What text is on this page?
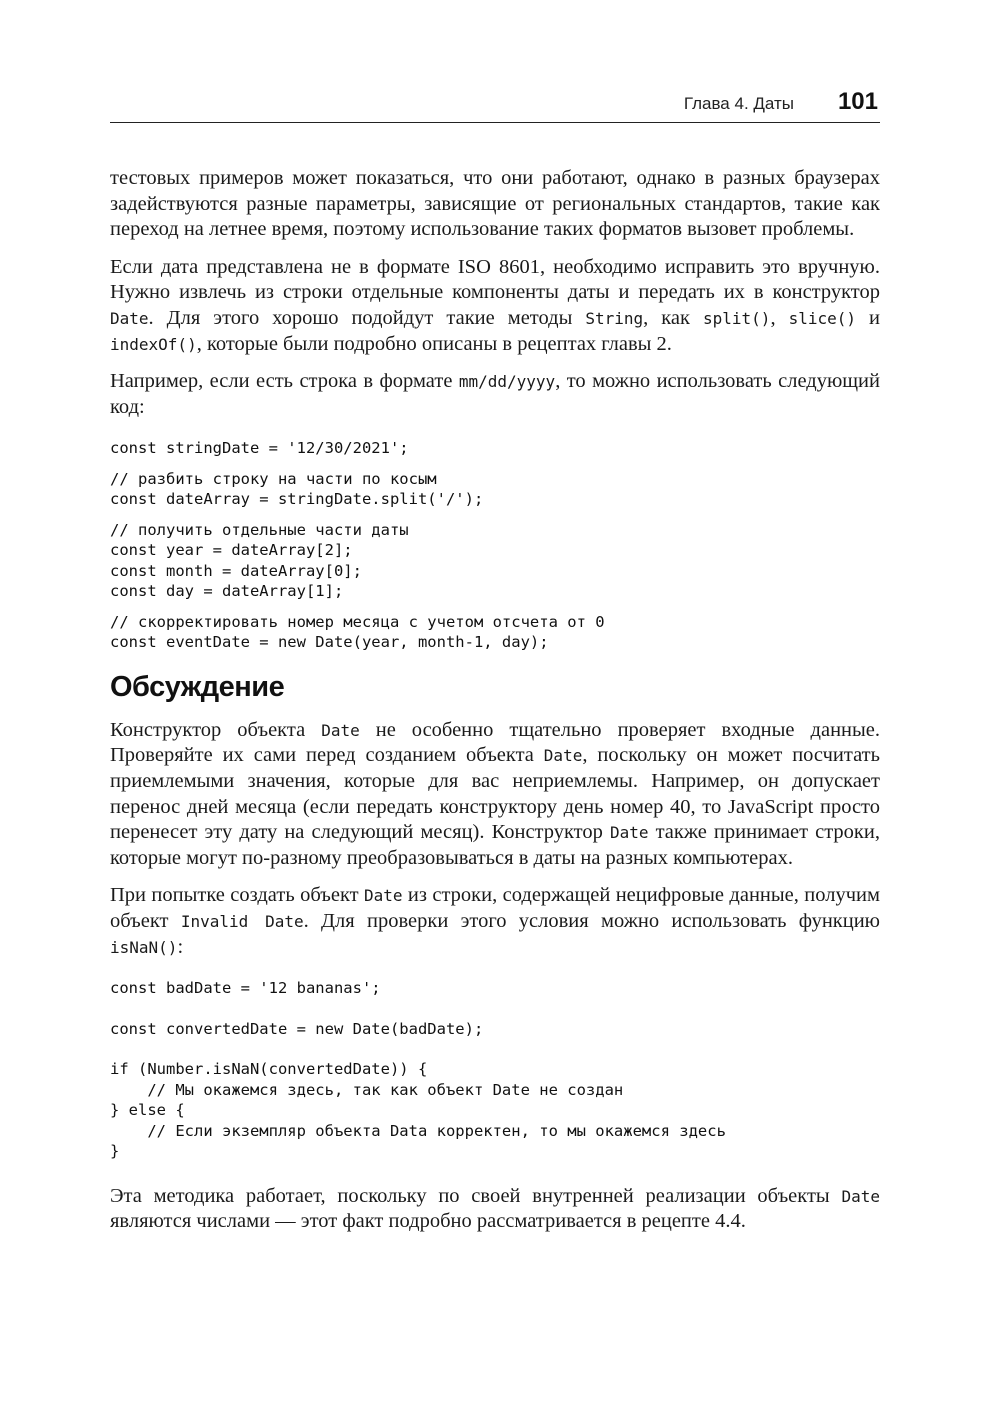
Глава 4. Даты 101

тестовых примеров может показаться, что они работают, однако в разных браузерах задействуются разные параметры, зависящие от региональных стандартов, такие как переход на летнее время, поэтому использование таких форматов вызовет проблемы.

Если дата представлена не в формате ISO 8601, необходимо исправить это вручную. Нужно извлечь из строки отдельные компоненты даты и передать их в конструктор Date. Для этого хорошо подойдут такие методы String, как split(), slice() и indexOf(), которые были подробно описаны в рецептах главы 2.

Например, если есть строка в формате mm/dd/yyyy, то можно использовать следующий код:

const stringDate = '12/30/2021';
// разбить строку на части по косым
const dateArray = stringDate.split('/');
// получить отдельные части даты
const year = dateArray[2];
const month = dateArray[0];
const day = dateArray[1];
// скорректировать номер месяца с учетом отсчета от 0
const eventDate = new Date(year, month-1, day);
Обсуждение

Конструктор объекта Date не особенно тщательно проверяет входные данные. Проверяйте их сами перед созданием объекта Date, поскольку он может посчитать приемлемыми значения, которые для вас неприемлемы. Например, он допускает перенос дней месяца (если передать конструктору день номер 40, то JavaScript просто перенесет эту дату на следующий месяц). Конструктор Date также принимает строки, которые могут по-разному преобразовываться в даты на разных компьютерах.

При попытке создать объект Date из строки, содержащей нецифровые данные, получим объект Invalid Date. Для проверки этого условия можно использовать функцию isNaN():

const badDate = '12 bananas';
const convertedDate = new Date(badDate);
if (Number.isNaN(convertedDate)) {
// Мы окажемся здесь, так как объект Date не создан
} else {
// Если экземпляр объекта Data корректен, то мы окажемся здесь
}

Эта методика работает, поскольку по своей внутренней реализации объекты Date являются числами — этот факт подробно рассматривается в рецепте 4.4.
